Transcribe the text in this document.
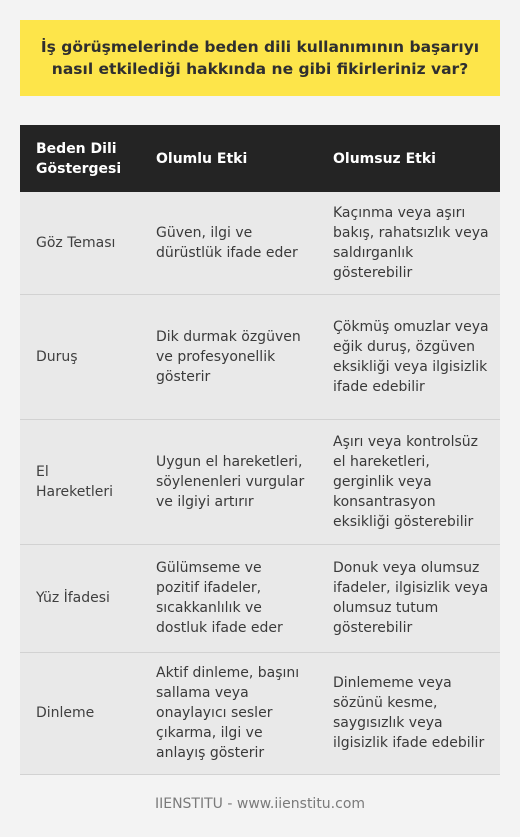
İş görüşmelerinde beden dili kullanımının başarıyı nasıl etkilediği hakkında ne gibi fikirleriniz var?
Beden Dili Göstergesi	Olumlu Etki	Olumsuz Etki
Göz Teması	Güven, ilgi ve dürüstlük ifade eder	Kaçınma veya aşırı bakış, rahatsızlık veya saldırganlık gösterebilir
Duruş	Dik durmak özgüven ve profesyonellik gösterir	Çökmüş omuzlar veya eğik duruş, özgüven eksikliği veya ilgisizlik ifade edebilir
El Hareketleri	Uygun el hareketleri, söylenenleri vurgular ve ilgiyi artırır	Aşırı veya kontrolsüz el hareketleri, gerginlik veya konsantrasyon eksikliği gösterebilir
Yüz İfadesi	Gülümseme ve pozitif ifadeler, sıcakkanlılık ve dostluk ifade eder	Donuk veya olumsuz ifadeler, ilgisizlik veya olumsuz tutum gösterebilir
Dinleme	Aktif dinleme, başını sallama veya onaylayıcı sesler çıkarma, ilgi ve anlayış gösterir	Dinlememe veya sözünü kesme, saygısızlık veya ilgisizlik ifade edebilir
IIENSTITU - www.iienstitu.com
